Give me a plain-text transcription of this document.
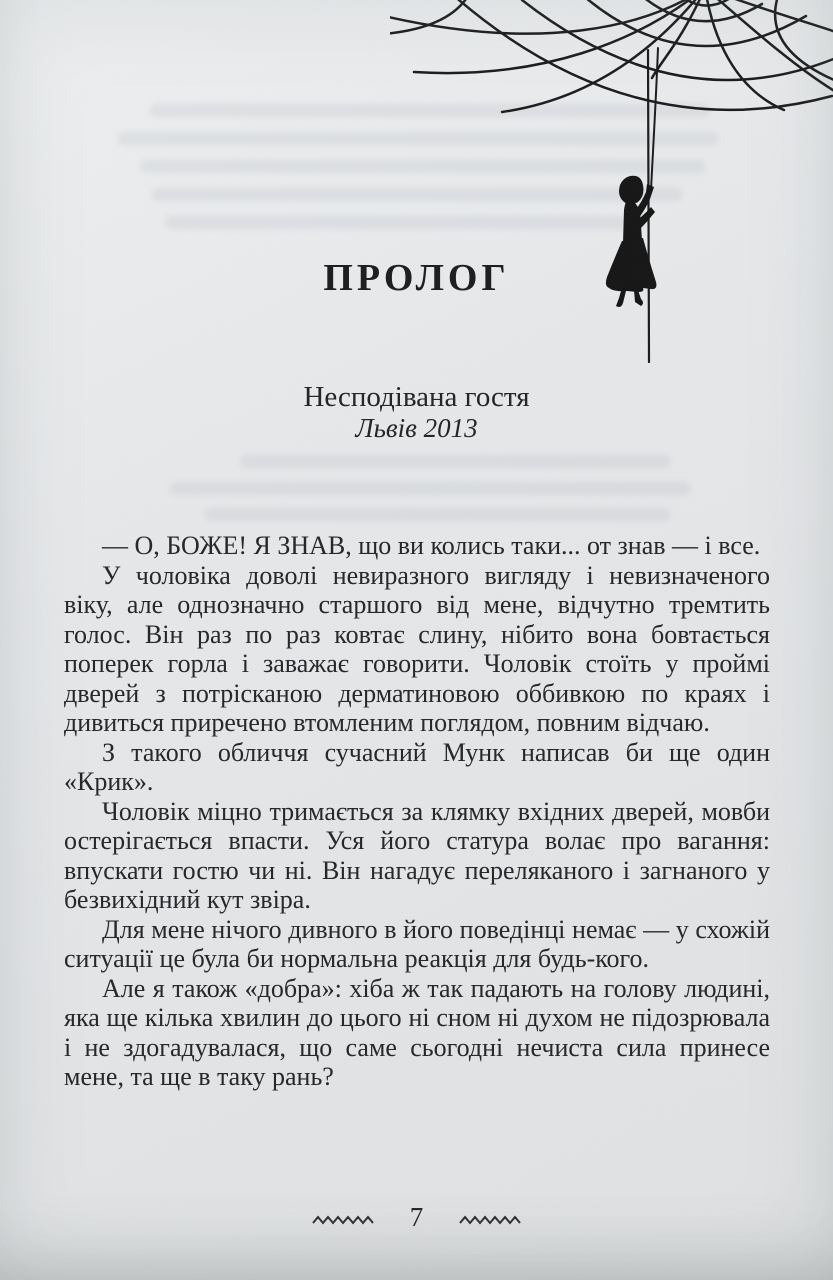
ПРОЛОГ
Несподівана гостя
Львів 2013

— О, БОЖЕ! Я ЗНАВ, що ви колись таки... от знав — і все.

У чоловіка доволі невиразного вигляду і невизначеного віку, але однозначно старшого від мене, відчутно тремтить голос. Він раз по раз ковтає слину, нібито вона бовтається поперек горла і заважає говорити. Чоловік стоїть у проймі дверей з потрісканою дерматиновою оббивкою по краях і дивиться приречено втомленим поглядом, повним відчаю.

З такого обличчя сучасний Мунк написав би ще один «Крик».

Чоловік міцно тримається за клямку вхідних дверей, мовби остерігається впасти. Уся його статура волає про вагання: впускати гостю чи ні. Він нагадує переляканого і загнаного у безвихідний кут звіра.

Для мене нічого дивного в його поведінці немає — у схожій ситуації це була би нормальна реакція для будь-кого.

Але я також «добра»: хіба ж так падають на голову людині, яка ще кілька хвилин до цього ні сном ні духом не підозрювала і не здогадувалася, що саме сьогодні нечиста сила принесе мене, та ще в таку рань?

7
